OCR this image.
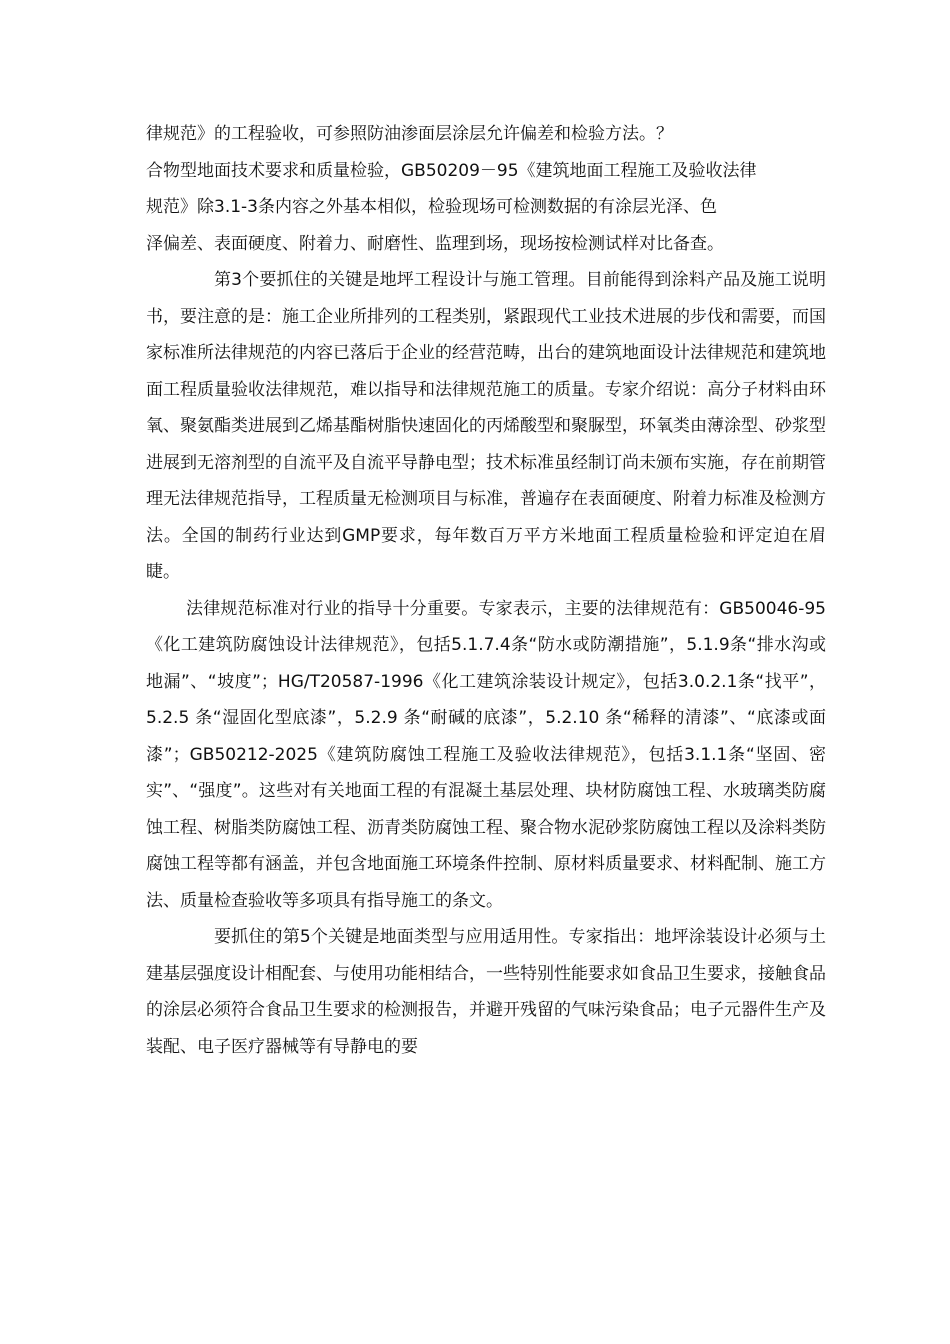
律规范》的工程验收，可参照防油渗面层涂层允许偏差和检验方法。？
合物型地面技术要求和质量检验，GB50209－95《建筑地面工程施工及验收法律
规范》除3.1-3条内容之外基本相似，检验现场可检测数据的有涂层光泽、色
泽偏差、表面硬度、附着力、耐磨性、监理到场，现场按检测试样对比备查。

第3个要抓住的关键是地坪工程设计与施工管理。目前能得到涂料产品及施工说明书，要注意的是：施工企业所排列的工程类别，紧跟现代工业技术进展的步伐和需要，而国家标准所法律规范的内容已落后于企业的经营范畴，出台的建筑地面设计法律规范和建筑地面工程质量验收法律规范，难以指导和法律规范施工的质量。专家介绍说：高分子材料由环氧、聚氨酯类进展到乙烯基酯树脂快速固化的丙烯酸型和聚脲型，环氧类由薄涂型、砂浆型进展到无溶剂型的自流平及自流平导静电型；技术标准虽经制订尚未颁布实施，存在前期管理无法律规范指导，工程质量无检测项目与标准，普遍存在表面硬度、附着力标准及检测方法。全国的制药行业达到GMP要求，每年数百万平方米地面工程质量检验和评定迫在眉睫。

法律规范标准对行业的指导十分重要。专家表示，主要的法律规范有：GB50046-95《化工建筑防腐蚀设计法律规范》，包括5.1.7.4条“防水或防潮措施”，5.1.9条“排水沟或地漏”、“坡度”；HG/T20587-1996《化工建筑涂装设计规定》，包括3.0.2.1条“找平”，5.2.5 条“湿固化型底漆”，5.2.9 条“耐碱的底漆”，5.2.10 条“稀释的清漆”、“底漆或面漆”；GB50212-2025《建筑防腐蚀工程施工及验收法律规范》，包括3.1.1条“坚固、密实”、“强度”。这些对有关地面工程的有混凝土基层处理、块材防腐蚀工程、水玻璃类防腐蚀工程、树脂类防腐蚀工程、沥青类防腐蚀工程、聚合物水泥砂浆防腐蚀工程以及涂料类防腐蚀工程等都有涵盖，并包含地面施工环境条件控制、原材料质量要求、材料配制、施工方法、质量检查验收等多项具有指导施工的条文。

要抓住的第5个关键是地面类型与应用适用性。专家指出：地坪涂装设计必须与土建基层强度设计相配套、与使用功能相结合，一些特别性能要求如食品卫生要求，接触食品的涂层必须符合食品卫生要求的检测报告，并避开残留的气味污染食品；电子元器件生产及装配、电子医疗器械等有导静电的要
